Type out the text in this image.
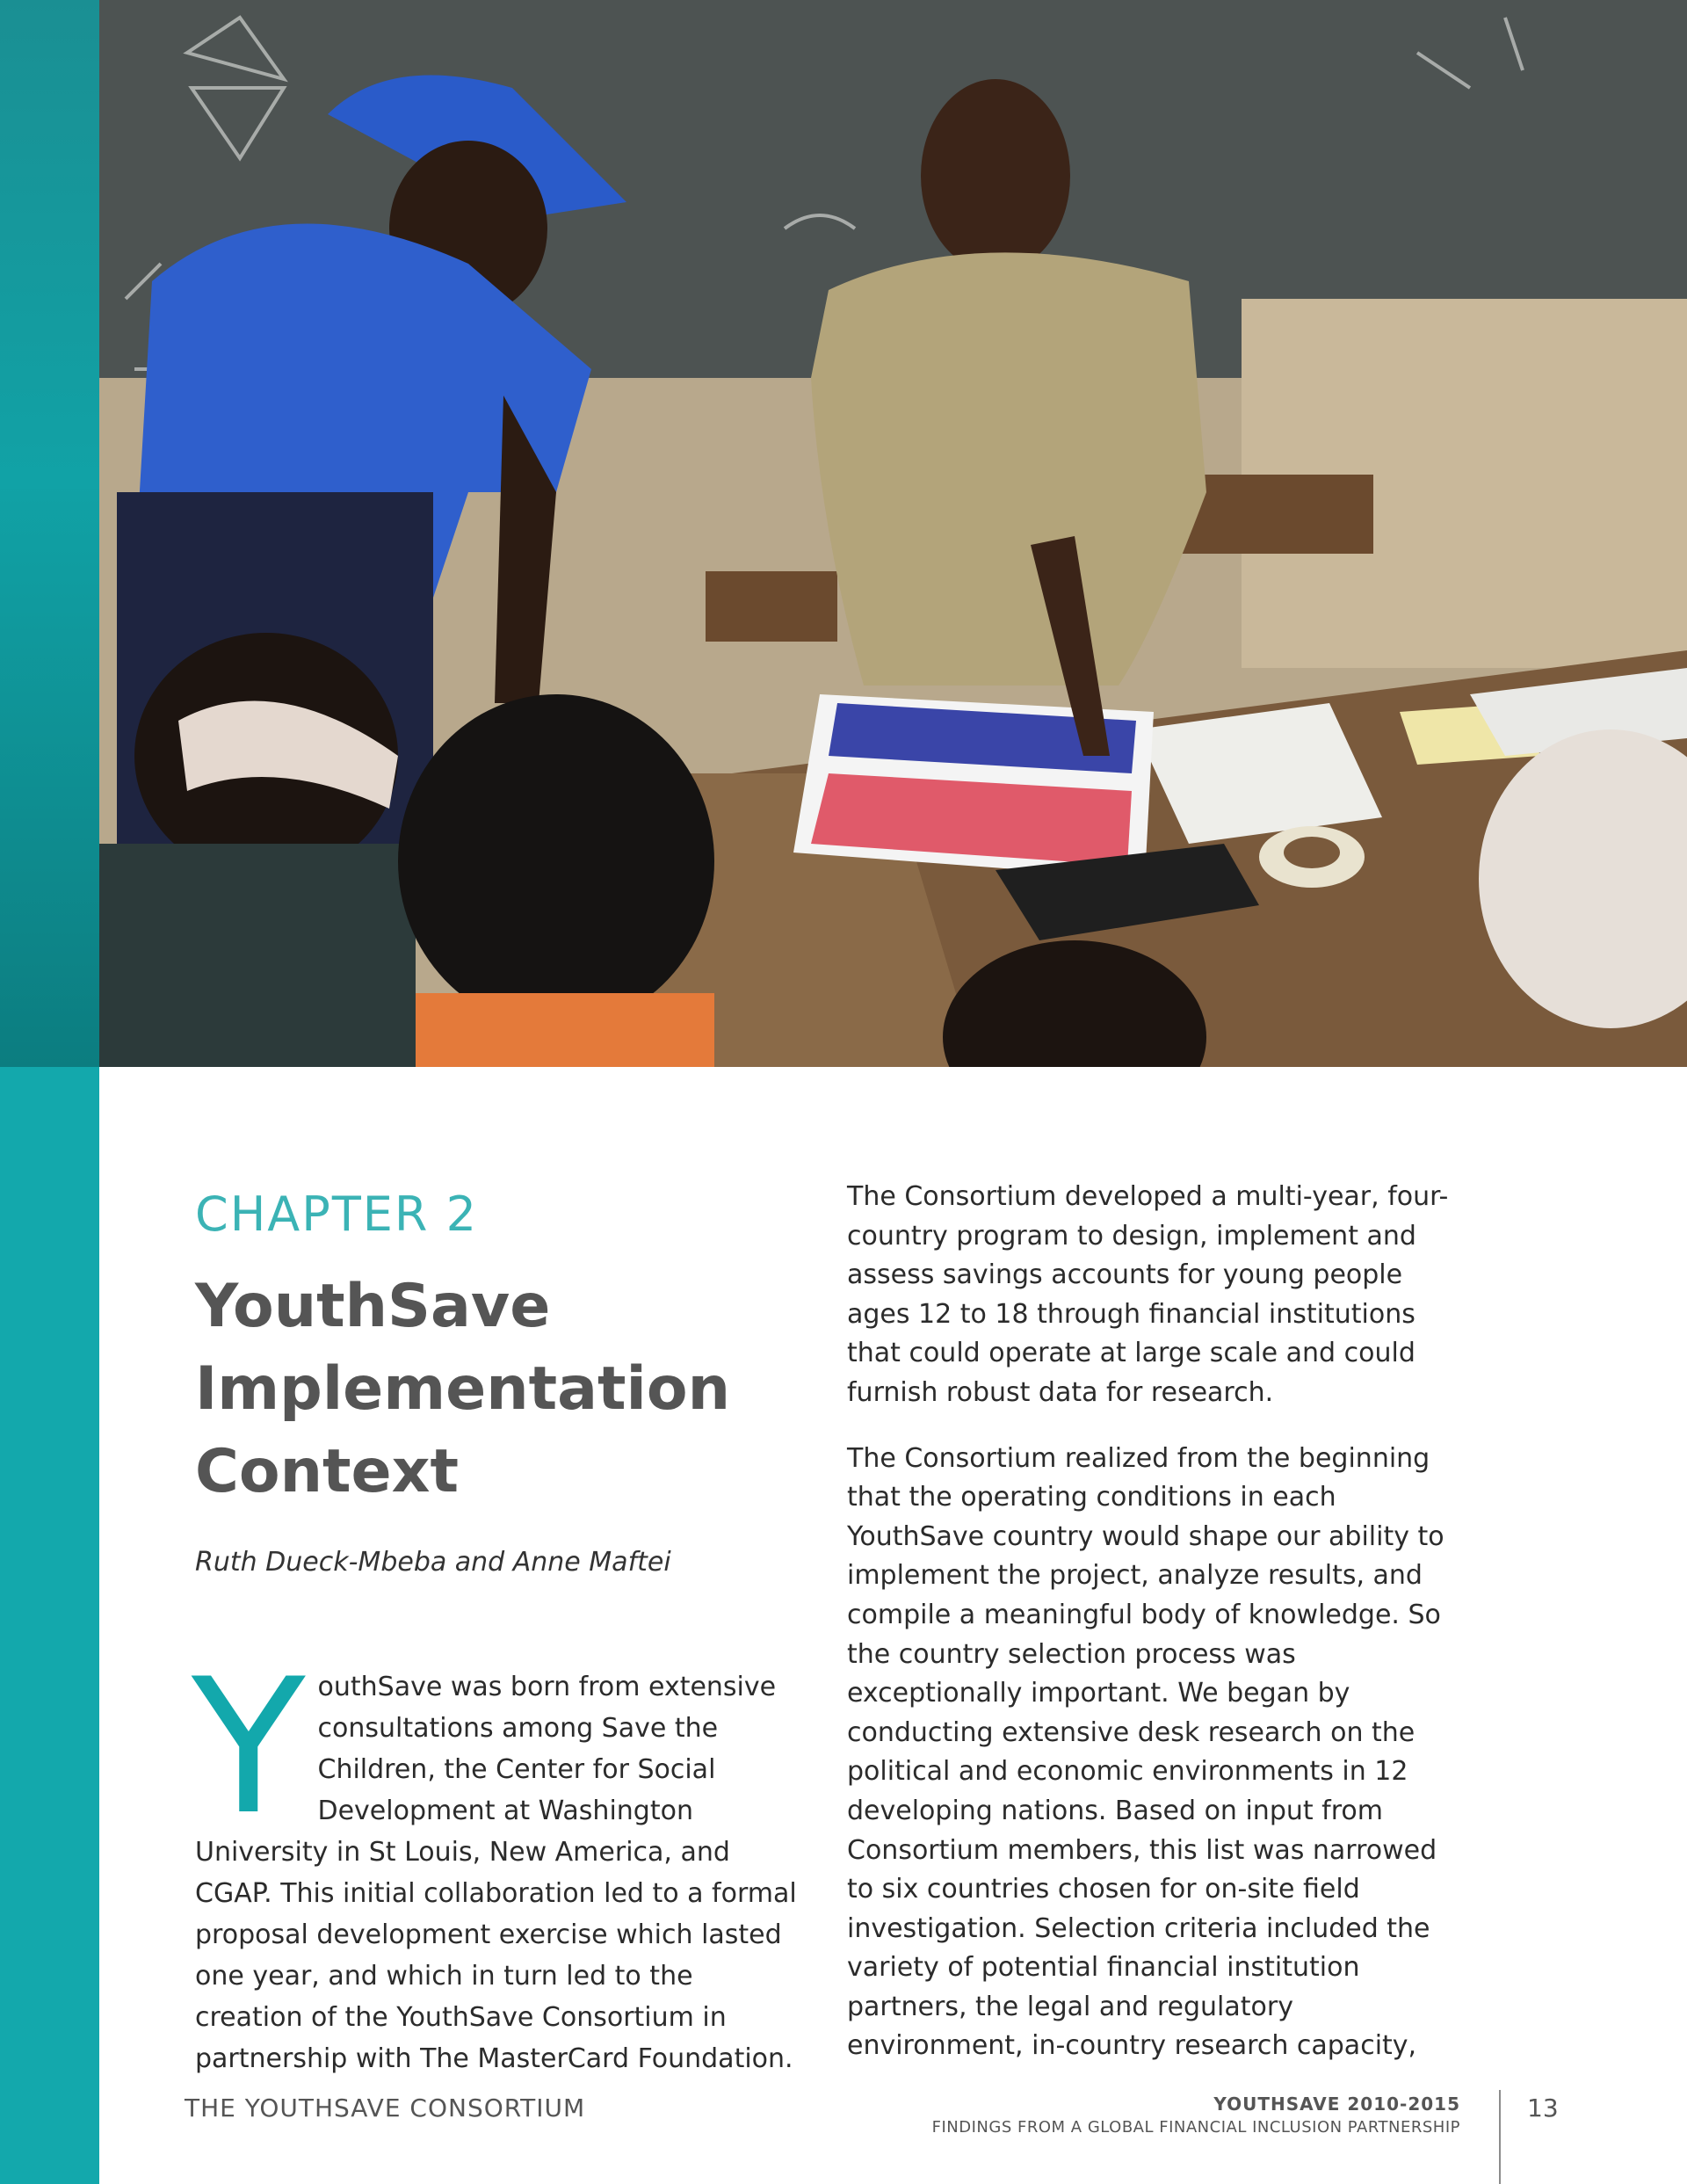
CHAPTER 2
YouthSave
Implementation
Context
Ruth Dueck-Mbeba and Anne Maftei
Y outhSave was born from extensive consultations among Save the Children, the Center for Social Development at Washington University in St Louis, New America, and CGAP. This initial collaboration led to a formal proposal development exercise which lasted one year, and which in turn led to the creation of the YouthSave Consortium in partnership with The MasterCard Foundation.

The Consortium developed a multi-year, four-country program to design, implement and assess savings accounts for young people ages 12 to 18 through financial institutions that could operate at large scale and could furnish robust data for research.

The Consortium realized from the beginning that the operating conditions in each YouthSave country would shape our ability to implement the project, analyze results, and compile a meaningful body of knowledge. So the country selection process was exceptionally important. We began by conducting extensive desk research on the political and economic environments in 12 developing nations. Based on input from Consortium members, this list was narrowed to six countries chosen for on-site field investigation. Selection criteria included the variety of potential financial institution partners, the legal and regulatory environment, in-country research capacity,

THE YOUTHSAVE CONSORTIUM	YOUTHSAVE 2010-2015
FINDINGS FROM A GLOBAL FINANCIAL INCLUSION PARTNERSHIP
13
